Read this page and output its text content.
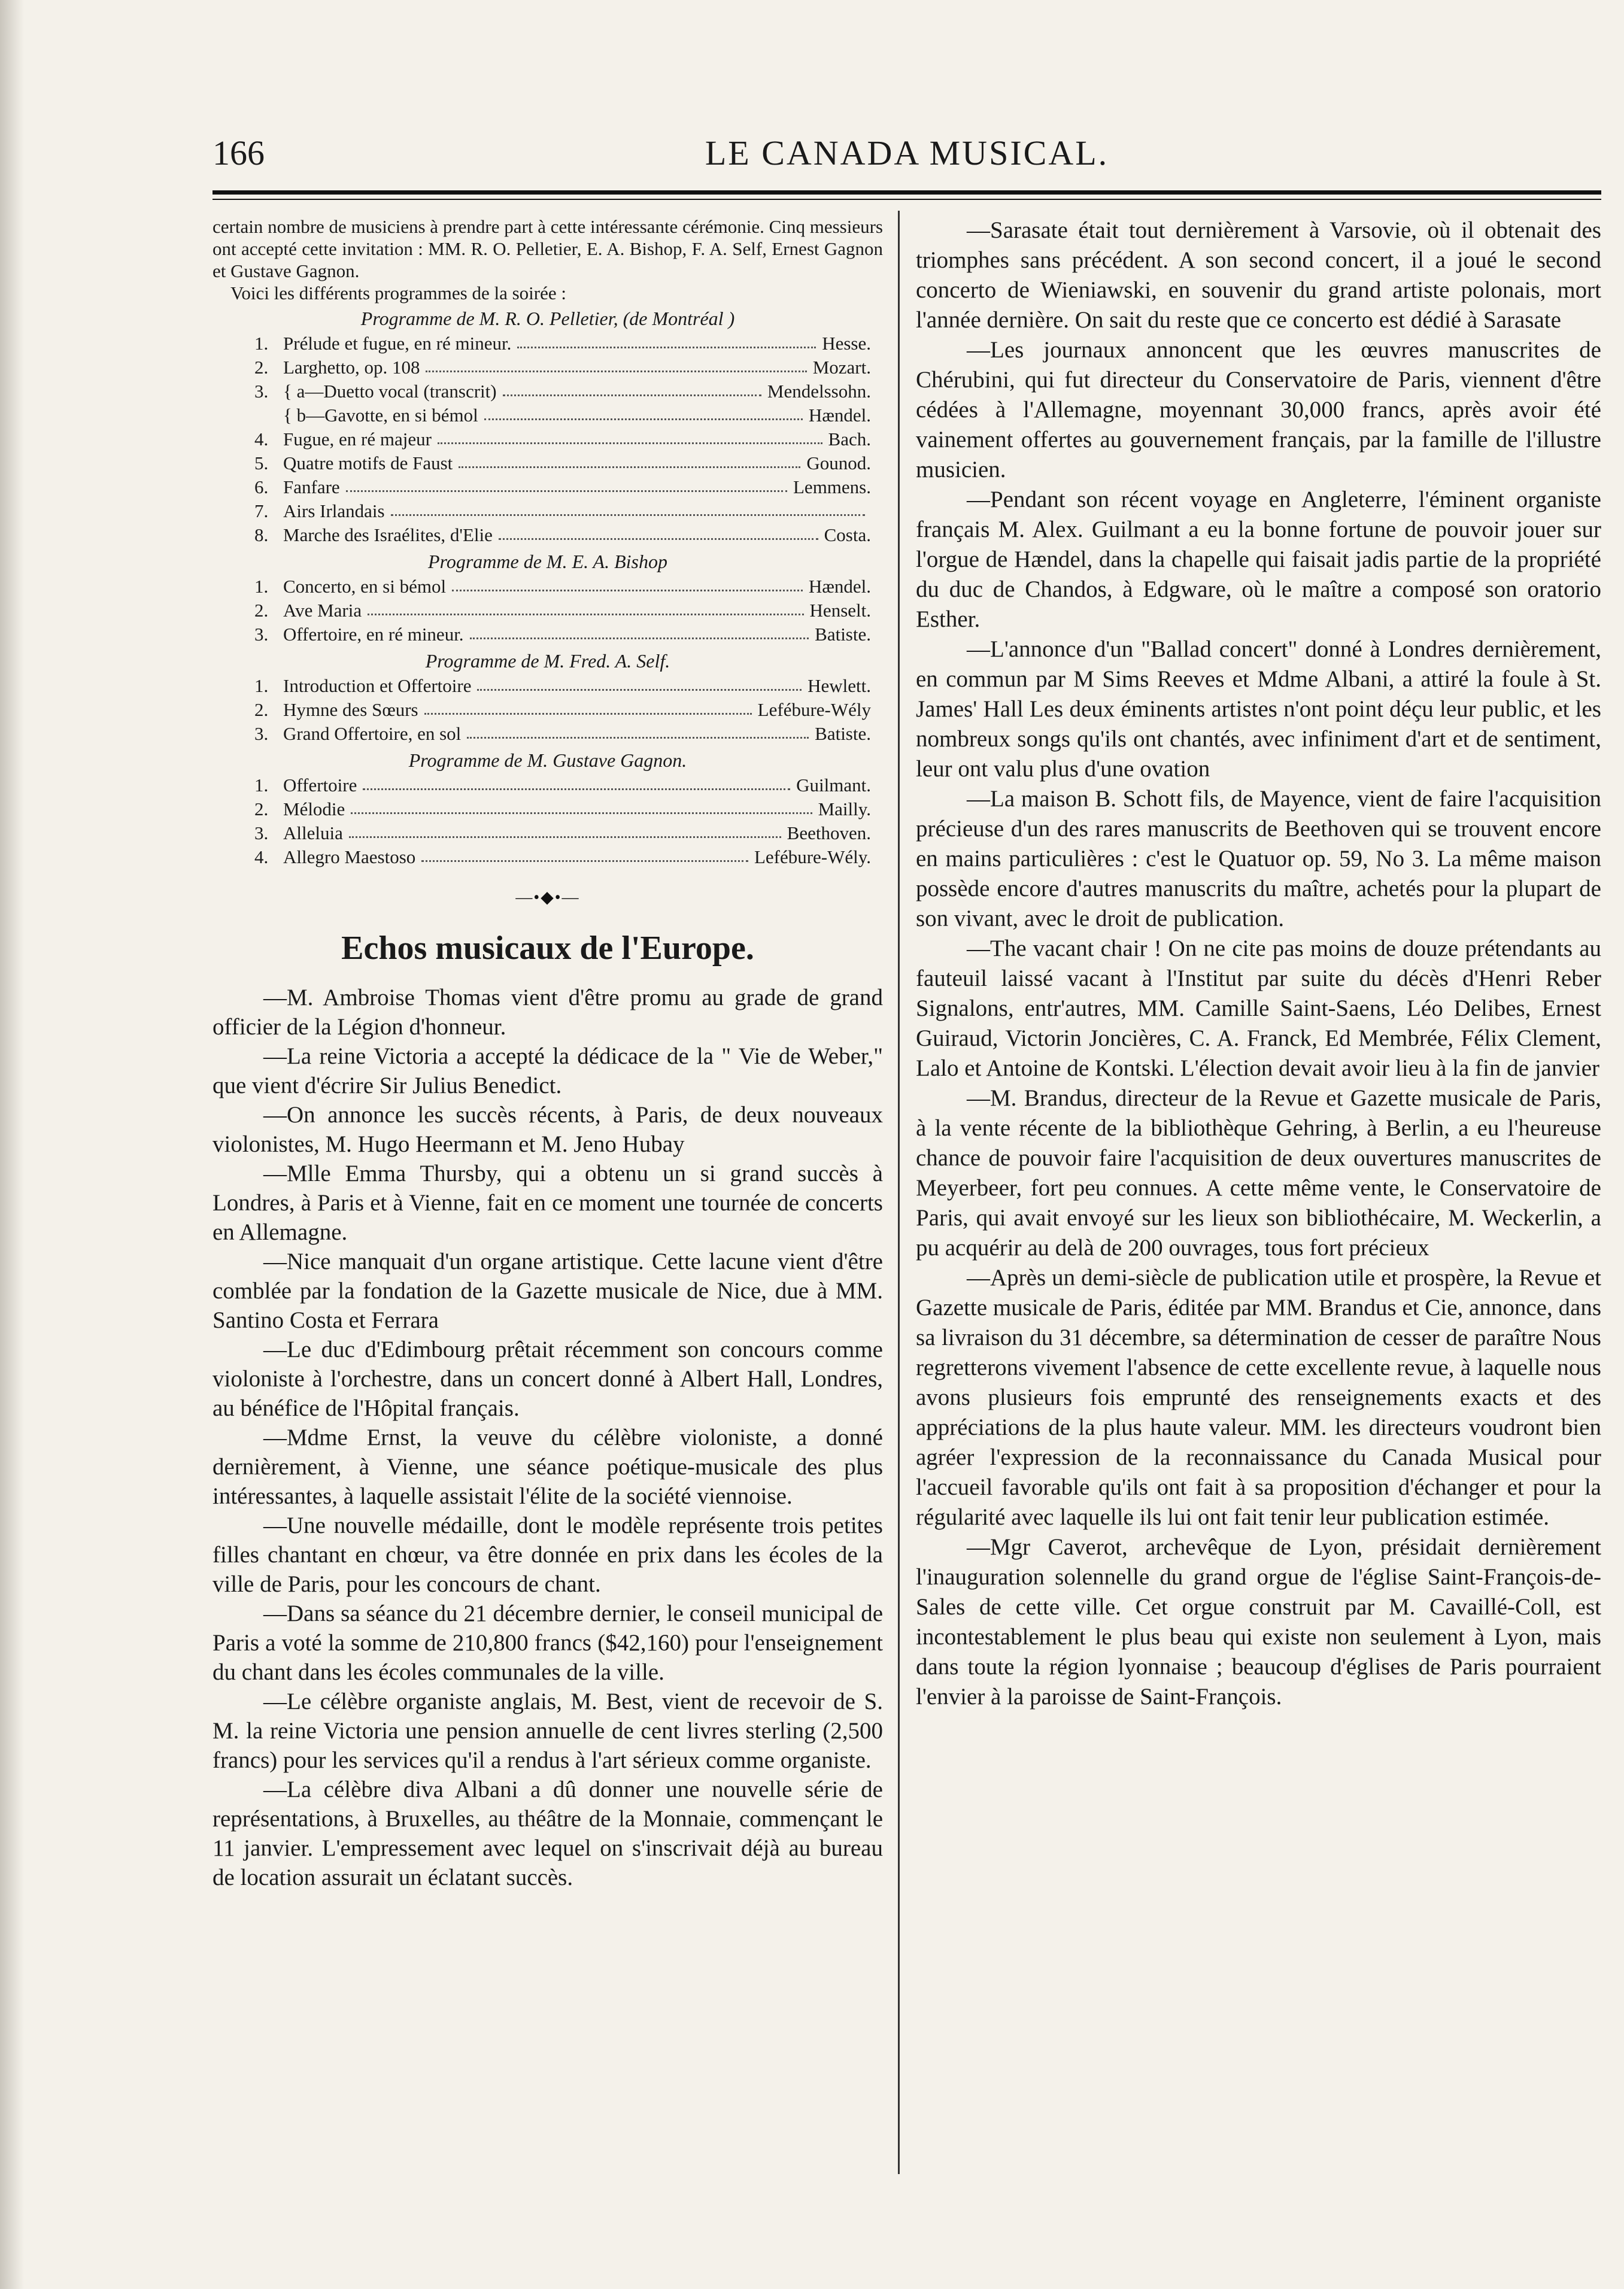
166	LE CANADA MUSICAL.

certain nombre de musiciens à prendre part à cette intéressante cérémonie. Cinq messieurs ont accepté cette invitation : MM. R. O. Pelletier, E. A. Bishop, F. A. Self, Ernest Gagnon et Gustave Gagnon.

Voici les différents programmes de la soirée :

Programme de M. R. O. Pelletier, (de Montréal )
1. Prélude et fugue, en ré mineur.	Hesse.
2. Larghetto, op. 108	Mozart.
3. { a—Duetto vocal (transcrit)	Mendelssohn.
{ b—Gavotte, en si bémol	Hændel.
4. Fugue, en ré majeur	Bach.
5. Quatre motifs de Faust	Gounod.
6. Fanfare	Lemmens.
7. Airs Irlandais
8. Marche des Israélites, d'Elie	Costa.
Programme de M. E. A. Bishop
1. Concerto, en si bémol	Hændel.
2. Ave Maria	Henselt.
3. Offertoire, en ré mineur.	Batiste.
Programme de M. Fred. A. Self.
1. Introduction et Offertoire	Hewlett.
2. Hymne des Sœurs	Lefébure-Wély
3. Grand Offertoire, en sol	Batiste.
Programme de M. Gustave Gagnon.
1. Offertoire	Guilmant.
2. Mélodie	Mailly.
3. Alleluia	Beethoven.
4. Allegro Maestoso	Lefébure-Wély.
—•◆•—
Echos musicaux de l'Europe.

—M. Ambroise Thomas vient d'être promu au grade de grand officier de la Légion d'honneur.

—La reine Victoria a accepté la dédicace de la " Vie de Weber," que vient d'écrire Sir Julius Benedict.

—On annonce les succès récents, à Paris, de deux nouveaux violonistes, M. Hugo Heermann et M. Jeno Hubay

—Mlle Emma Thursby, qui a obtenu un si grand succès à Londres, à Paris et à Vienne, fait en ce moment une tournée de concerts en Allemagne.

—Nice manquait d'un organe artistique. Cette lacune vient d'être comblée par la fondation de la Gazette musicale de Nice, due à MM. Santino Costa et Ferrara

—Le duc d'Edimbourg prêtait récemment son concours comme violoniste à l'orchestre, dans un concert donné à Albert Hall, Londres, au bénéfice de l'Hôpital français.

—Mdme Ernst, la veuve du célèbre violoniste, a donné dernièrement, à Vienne, une séance poétique-musicale des plus intéressantes, à laquelle assistait l'élite de la société viennoise.

—Une nouvelle médaille, dont le modèle représente trois petites filles chantant en chœur, va être donnée en prix dans les écoles de la ville de Paris, pour les concours de chant.

—Dans sa séance du 21 décembre dernier, le conseil municipal de Paris a voté la somme de 210,800 francs ($42,160) pour l'enseignement du chant dans les écoles communales de la ville.

—Le célèbre organiste anglais, M. Best, vient de recevoir de S. M. la reine Victoria une pension annuelle de cent livres sterling (2,500 francs) pour les services qu'il a rendus à l'art sérieux comme organiste.

—La célèbre diva Albani a dû donner une nouvelle série de représentations, à Bruxelles, au théâtre de la Monnaie, commençant le 11 janvier. L'empressement avec lequel on s'inscrivait déjà au bureau de location assurait un éclatant succès.

—Sarasate était tout dernièrement à Varsovie, où il obtenait des triomphes sans précédent. A son second concert, il a joué le second concerto de Wieniawski, en souvenir du grand artiste polonais, mort l'année dernière. On sait du reste que ce concerto est dédié à Sarasate

—Les journaux annoncent que les œuvres manuscrites de Chérubini, qui fut directeur du Conservatoire de Paris, viennent d'être cédées à l'Allemagne, moyennant 30,000 francs, après avoir été vainement offertes au gouvernement français, par la famille de l'illustre musicien.

—Pendant son récent voyage en Angleterre, l'éminent organiste français M. Alex. Guilmant a eu la bonne fortune de pouvoir jouer sur l'orgue de Hændel, dans la chapelle qui faisait jadis partie de la propriété du duc de Chandos, à Edgware, où le maître a composé son oratorio Esther.

—L'annonce d'un "Ballad concert" donné à Londres dernièrement, en commun par M Sims Reeves et Mdme Albani, a attiré la foule à St. James' Hall Les deux éminents artistes n'ont point déçu leur public, et les nombreux songs qu'ils ont chantés, avec infiniment d'art et de sentiment, leur ont valu plus d'une ovation

—La maison B. Schott fils, de Mayence, vient de faire l'acquisition précieuse d'un des rares manuscrits de Beethoven qui se trouvent encore en mains particulières : c'est le Quatuor op. 59, No 3. La même maison possède encore d'autres manuscrits du maître, achetés pour la plupart de son vivant, avec le droit de publication.

—The vacant chair ! On ne cite pas moins de douze prétendants au fauteuil laissé vacant à l'Institut par suite du décès d'Henri Reber Signalons, entr'autres, MM. Camille Saint-Saens, Léo Delibes, Ernest Guiraud, Victorin Joncières, C. A. Franck, Ed Membrée, Félix Clement, Lalo et Antoine de Kontski. L'élection devait avoir lieu à la fin de janvier

—M. Brandus, directeur de la Revue et Gazette musicale de Paris, à la vente récente de la bibliothèque Gehring, à Berlin, a eu l'heureuse chance de pouvoir faire l'acquisition de deux ouvertures manuscrites de Meyerbeer, fort peu connues. A cette même vente, le Conservatoire de Paris, qui avait envoyé sur les lieux son bibliothécaire, M. Weckerlin, a pu acquérir au delà de 200 ouvrages, tous fort précieux

—Après un demi-siècle de publication utile et prospère, la Revue et Gazette musicale de Paris, éditée par MM. Brandus et Cie, annonce, dans sa livraison du 31 décembre, sa détermination de cesser de paraître Nous regretterons vivement l'absence de cette excellente revue, à laquelle nous avons plusieurs fois emprunté des renseignements exacts et des appréciations de la plus haute valeur. MM. les directeurs voudront bien agréer l'expression de la reconnaissance du Canada Musical pour l'accueil favorable qu'ils ont fait à sa proposition d'échanger et pour la régularité avec laquelle ils lui ont fait tenir leur publication estimée.

—Mgr Caverot, archevêque de Lyon, présidait dernièrement l'inauguration solennelle du grand orgue de l'église Saint-François-de-Sales de cette ville. Cet orgue construit par M. Cavaillé-Coll, est incontestablement le plus beau qui existe non seulement à Lyon, mais dans toute la région lyonnaise ; beaucoup d'églises de Paris pourraient l'envier à la paroisse de Saint-François.
